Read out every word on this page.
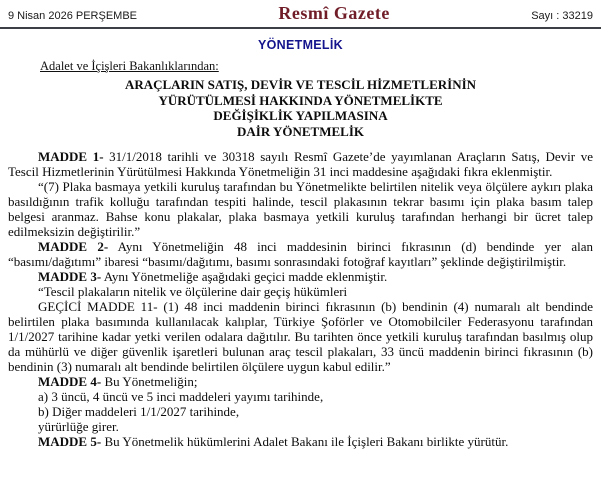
9 Nisan 2026 PERŞEMBE	Resmî Gazete	Sayı : 33219
YÖNETMELİK
Adalet ve İçişleri Bakanlıklarından:
ARAÇLARIN SATIŞ, DEVİR VE TESCİL HİZMETLERİNİN
YÜRÜTÜLMESİ HAKKINDA YÖNETMELİKTE
DEĞİŞİKLİK YAPILMASINA
DAİR YÖNETMELİK

MADDE 1- 31/1/2018 tarihli ve 30318 sayılı Resmî Gazete’de yayımlanan Araçların Satış, Devir ve Tescil Hizmetlerinin Yürütülmesi Hakkında Yönetmeliğin 31 inci maddesine aşağıdaki fıkra eklenmiştir.

“(7) Plaka basmaya yetkili kuruluş tarafından bu Yönetmelikte belirtilen nitelik veya ölçülere aykırı plaka basıldığının trafik kolluğu tarafından tespiti halinde, tescil plakasının tekrar basımı için plaka basım talep belgesi aranmaz. Bahse konu plakalar, plaka basmaya yetkili kuruluş tarafından herhangi bir ücret talep edilmeksizin değiştirilir.”

MADDE 2- Aynı Yönetmeliğin 48 inci maddesinin birinci fıkrasının (d) bendinde yer alan “basımı/dağıtımı” ibaresi “basımı/dağıtımı, basımı sonrasındaki fotoğraf kayıtları” şeklinde değiştirilmiştir.

MADDE 3- Aynı Yönetmeliğe aşağıdaki geçici madde eklenmiştir.

“Tescil plakaların nitelik ve ölçülerine dair geçiş hükümleri

GEÇİCİ MADDE 11- (1) 48 inci maddenin birinci fıkrasının (b) bendinin (4) numaralı alt bendinde belirtilen plaka basımında kullanılacak kalıplar, Türkiye Şoförler ve Otomobilciler Federasyonu tarafından 1/1/2027 tarihine kadar yetki verilen odalara dağıtılır. Bu tarihten önce yetkili kuruluş tarafından basılmış olup da mühürlü ve diğer güvenlik işaretleri bulunan araç tescil plakaları, 33 üncü maddenin birinci fıkrasının (b) bendinin (3) numaralı alt bendinde belirtilen ölçülere uygun kabul edilir.”

MADDE 4- Bu Yönetmeliğin;

a) 3 üncü, 4 üncü ve 5 inci maddeleri yayımı tarihinde,

b) Diğer maddeleri 1/1/2027 tarihinde,

yürürlüğe girer.

MADDE 5- Bu Yönetmelik hükümlerini Adalet Bakanı ile İçişleri Bakanı birlikte yürütür.
